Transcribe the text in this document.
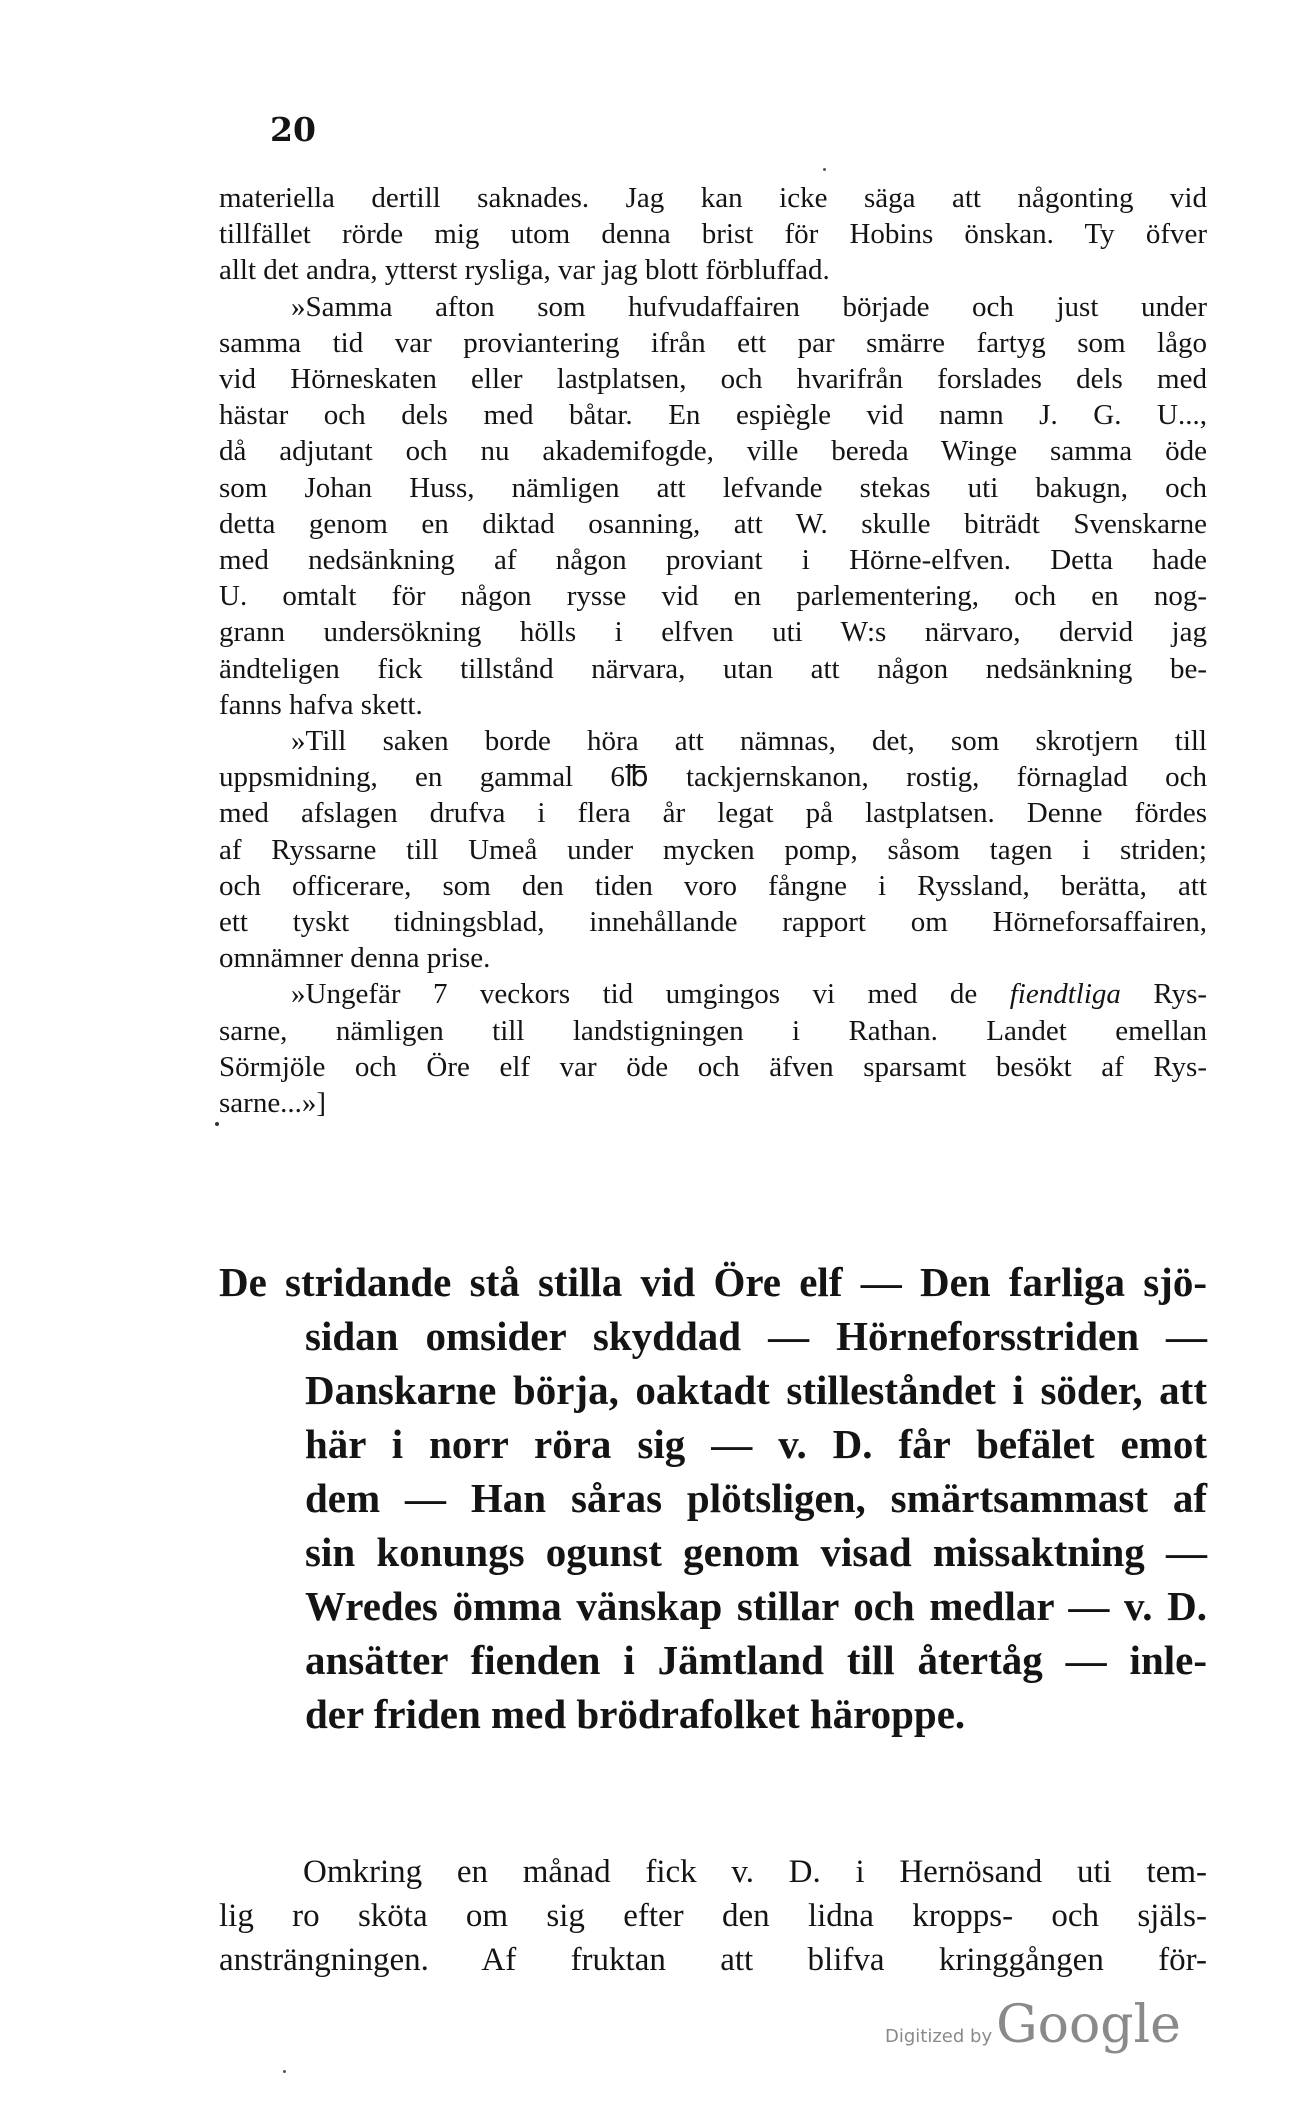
20
materiella dertill saknades. Jag kan icke säga att någonting vid
tillfället rörde mig utom denna brist för Hobins önskan. Ty öfver
allt det andra, ytterst rysliga, var jag blott förbluffad.
»Samma afton som hufvudaffairen började och just under
samma tid var proviantering ifrån ett par smärre fartyg som lågo
vid Hörneskaten eller lastplatsen, och hvarifrån forslades dels med
hästar och dels med båtar. En espiègle vid namn J. G. U...,
då adjutant och nu akademifogde, ville bereda Winge samma öde
som Johan Huss, nämligen att lefvande stekas uti bakugn, och
detta genom en diktad osanning, att W. skulle biträdt Svenskarne
med nedsänkning af någon proviant i Hörne-elfven. Detta hade
U. omtalt för någon rysse vid en parlementering, och en nog-
grann undersökning hölls i elfven uti W:s närvaro, dervid jag
ändteligen fick tillstånd närvara, utan att någon nedsänkning be-
fanns hafva skett.
»Till saken borde höra att nämnas, det, som skrotjern till
uppsmidning, en gammal 6℔ tackjernskanon, rostig, förnaglad och
med afslagen drufva i flera år legat på lastplatsen. Denne fördes
af Ryssarne till Umeå under mycken pomp, såsom tagen i striden;
och officerare, som den tiden voro fångne i Ryssland, berätta, att
ett tyskt tidningsblad, innehållande rapport om Hörneforsaffairen,
omnämner denna prise.
»Ungefär 7 veckors tid umgingos vi med de fiendtliga Rys-
sarne, nämligen till landstigningen i Rathan. Landet emellan
Sörmjöle och Öre elf var öde och äfven sparsamt besökt af Rys-
sarne...»]
De stridande stå stilla vid Öre elf — Den farliga sjö-
sidan omsider skyddad — Hörneforsstriden —
Danskarne börja, oaktadt stilleståndet i söder, att
här i norr röra sig — v. D. får befälet emot
dem — Han såras plötsligen, smärtsammast af
sin konungs ogunst genom visad missaktning —
Wredes ömma vänskap stillar och medlar — v. D.
ansätter fienden i Jämtland till återtåg — inle-
der friden med brödrafolket häroppe.
Omkring en månad fick v. D. i Hernösand uti tem-
lig ro sköta om sig efter den lidna kropps- och själs-
ansträngningen. Af fruktan att blifva kringgången för-
Digitized byGoogle
